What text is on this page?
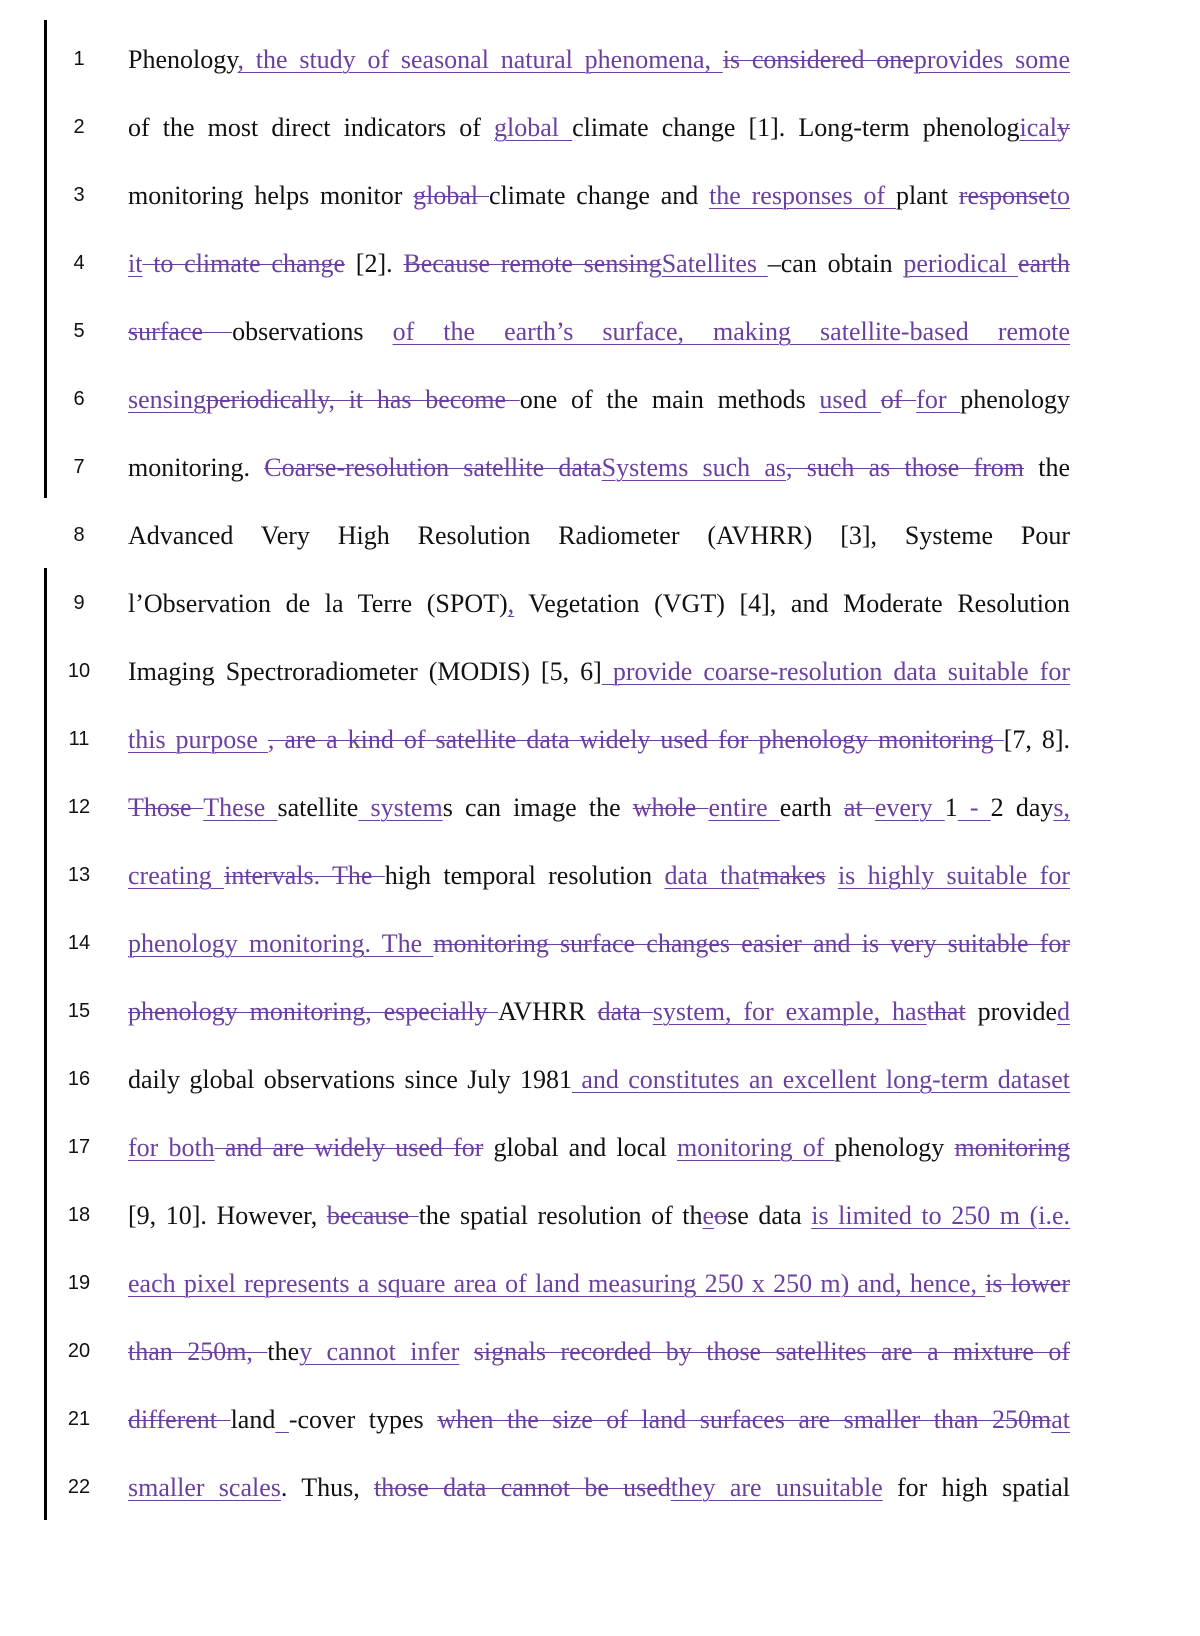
1	Phenology, the study of seasonal natural phenomena, is considered oneprovides some
2	of the most direct indicators of global climate change [1]. Long-term phenologicaly
3	monitoring helps monitor global climate change and the responses of plant responseto
4	it to climate change [2]. Because remote sensingSatellites –can obtain periodical earth
5	surface observations of the earth’s surface, making satellite-based remote
6	sensingperiodically, it has become one of the main methods used of for phenology
7	monitoring. Coarse-resolution satellite dataSystems such as, such as those from the
8	Advanced Very High Resolution Radiometer (AVHRR) [3], Systeme Pour
9	l’Observation de la Terre (SPOT), Vegetation (VGT) [4], and Moderate Resolution
10	Imaging Spectroradiometer (MODIS) [5, 6] provide coarse-resolution data suitable for
11	this purpose , are a kind of satellite data widely used for phenology monitoring [7, 8].
12	Those These satellite systems can image the whole entire earth at every 1 - 2 days,
13	creating intervals. The high temporal resolution data thatmakes is highly suitable for
14	phenology monitoring. The monitoring surface changes easier and is very suitable for
15	phenology monitoring, especially AVHRR data system, for example, hasthat provided
16	daily global observations since July 1981 and constitutes an excellent long-term dataset
17	for both and are widely used for global and local monitoring of phenology monitoring
18	[9, 10]. However, because the spatial resolution of theose data is limited to 250 m (i.e.
19	each pixel represents a square area of land measuring 250 x 250 m) and, hence, is lower
20	than 250m, they cannot infer signals recorded by those satellites are a mixture of
21	different land -cover types when the size of land surfaces are smaller than 250mat
22	smaller scales. Thus, those data cannot be usedthey are unsuitable for high spatial
